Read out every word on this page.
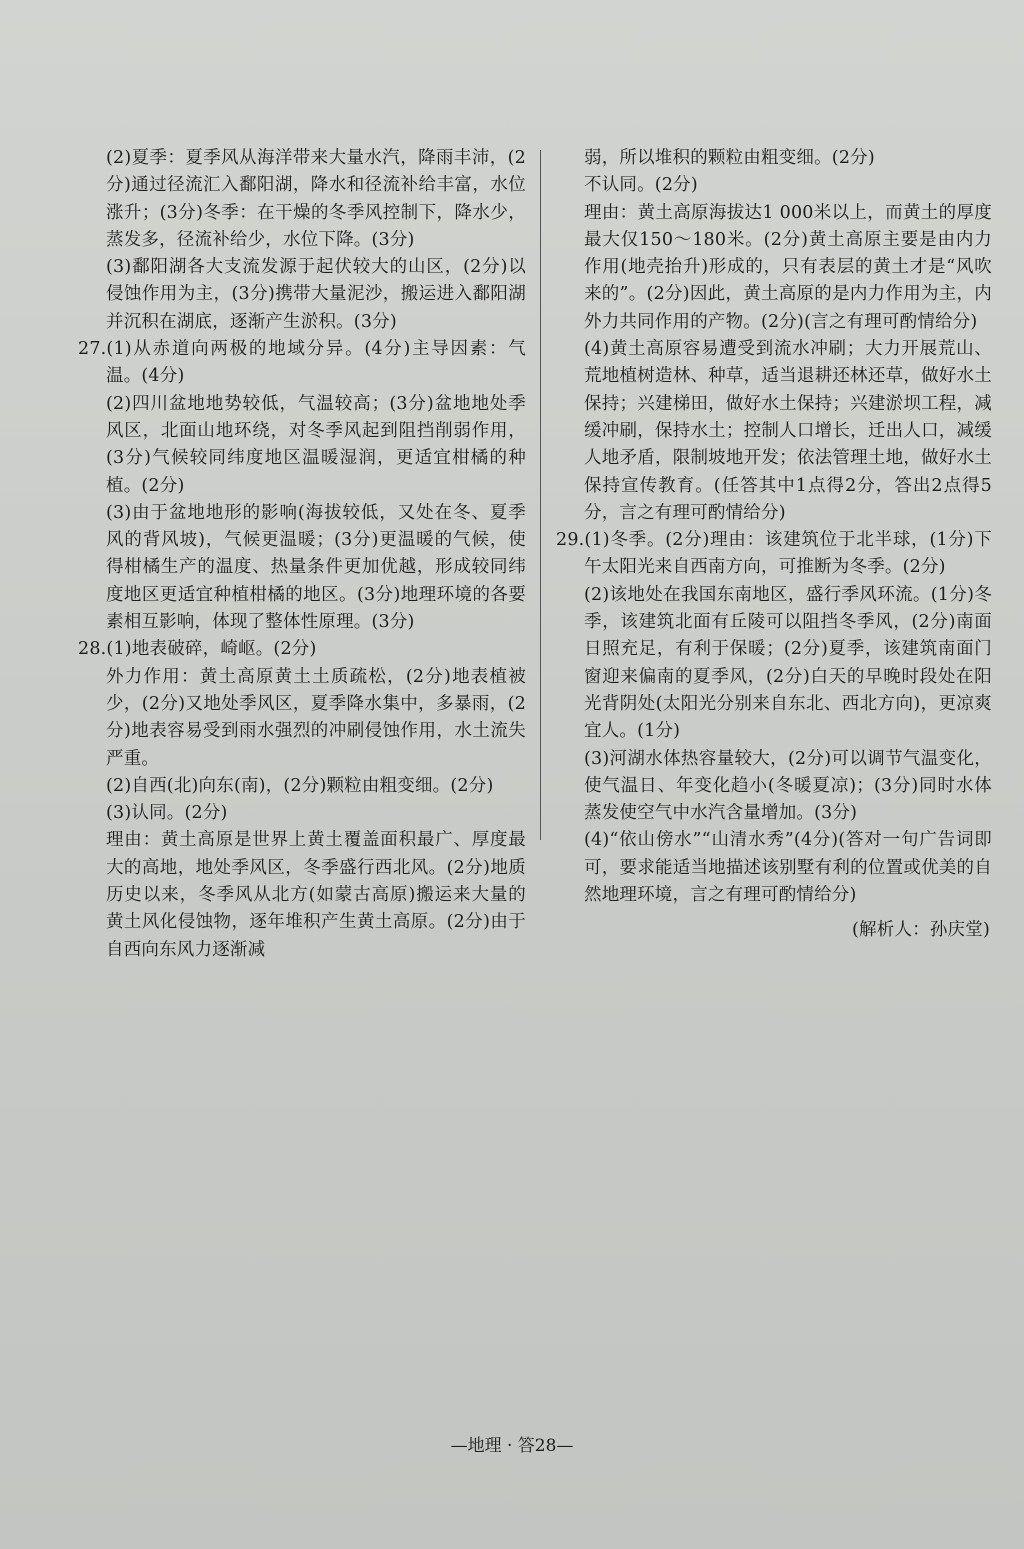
(2)夏季：夏季风从海洋带来大量水汽，降雨丰沛，(2分)通过径流汇入鄱阳湖，降水和径流补给丰富，水位涨升；(3分)冬季：在干燥的冬季风控制下，降水少，蒸发多，径流补给少，水位下降。(3分)

(3)鄱阳湖各大支流发源于起伏较大的山区，(2分)以侵蚀作用为主，(3分)携带大量泥沙，搬运进入鄱阳湖并沉积在湖底，逐渐产生淤积。(3分)

27.(1)从赤道向两极的地域分异。(4分)主导因素：气温。(4分)

(2)四川盆地地势较低，气温较高；(3分)盆地地处季风区，北面山地环绕，对冬季风起到阻挡削弱作用，(3分)气候较同纬度地区温暖湿润，更适宜柑橘的种植。(2分)

(3)由于盆地地形的影响(海拔较低，又处在冬、夏季风的背风坡)，气候更温暖；(3分)更温暖的气候，使得柑橘生产的温度、热量条件更加优越，形成较同纬度地区更适宜种植柑橘的地区。(3分)地理环境的各要素相互影响，体现了整体性原理。(3分)

28.(1)地表破碎，崎岖。(2分)

外力作用：黄土高原黄土土质疏松，(2分)地表植被少，(2分)又地处季风区，夏季降水集中，多暴雨，(2分)地表容易受到雨水强烈的冲刷侵蚀作用，水土流失严重。

(2)自西(北)向东(南)，(2分)颗粒由粗变细。(2分)

(3)认同。(2分)

理由：黄土高原是世界上黄土覆盖面积最广、厚度最大的高地，地处季风区，冬季盛行西北风。(2分)地质历史以来，冬季风从北方(如蒙古高原)搬运来大量的黄土风化侵蚀物，逐年堆积产生黄土高原。(2分)由于自西向东风力逐渐减

弱，所以堆积的颗粒由粗变细。(2分)

不认同。(2分)

理由：黄土高原海拔达1 000米以上，而黄土的厚度最大仅150～180米。(2分)黄土高原主要是由内力作用(地壳抬升)形成的，只有表层的黄土才是“风吹来的”。(2分)因此，黄土高原的是内力作用为主，内外力共同作用的产物。(2分)(言之有理可酌情给分)

(4)黄土高原容易遭受到流水冲刷；大力开展荒山、荒地植树造林、种草，适当退耕还林还草，做好水土保持；兴建梯田，做好水土保持；兴建淤坝工程，减缓冲刷，保持水土；控制人口增长，迁出人口，减缓人地矛盾，限制坡地开发；依法管理土地，做好水土保持宣传教育。(任答其中1点得2分，答出2点得5分，言之有理可酌情给分)

29.(1)冬季。(2分)理由：该建筑位于北半球，(1分)下午太阳光来自西南方向，可推断为冬季。(2分)

(2)该地处在我国东南地区，盛行季风环流。(1分)冬季，该建筑北面有丘陵可以阻挡冬季风，(2分)南面日照充足，有利于保暖；(2分)夏季，该建筑南面门窗迎来偏南的夏季风，(2分)白天的早晚时段处在阳光背阴处(太阳光分别来自东北、西北方向)，更凉爽宜人。(1分)

(3)河湖水体热容量较大，(2分)可以调节气温变化，使气温日、年变化趋小(冬暖夏凉)；(3分)同时水体蒸发使空气中水汽含量增加。(3分)

(4)“依山傍水”“山清水秀”(4分)(答对一句广告词即可，要求能适当地描述该别墅有利的位置或优美的自然地理环境，言之有理可酌情给分)

(解析人：孙庆堂)

—地理 · 答28—
